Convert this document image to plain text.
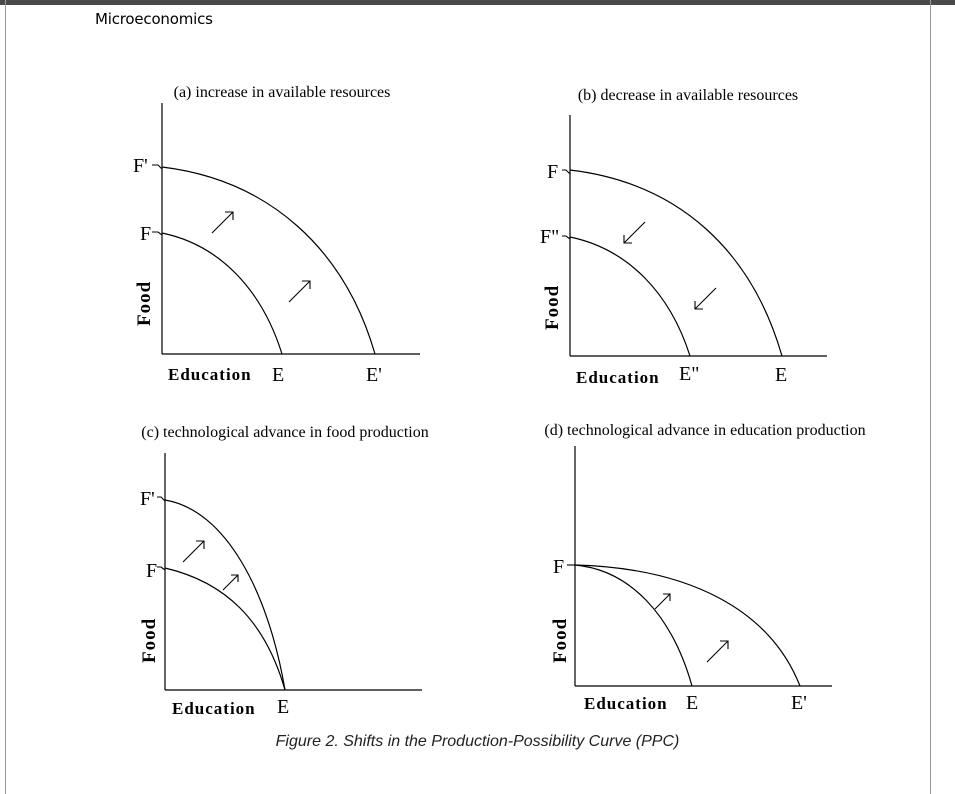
Microeconomics
(a) increase in available resources
F'
F
Food
Education E	E'
(b) decrease in available resources
F
F"
Food
Education E"	E
(c) technological advance in food production
F'
F
Food
Education E
(d) technological advance in education production
F
Food
Education E	E'
Figure 2. Shifts in the Production-Possibility Curve (PPC)
